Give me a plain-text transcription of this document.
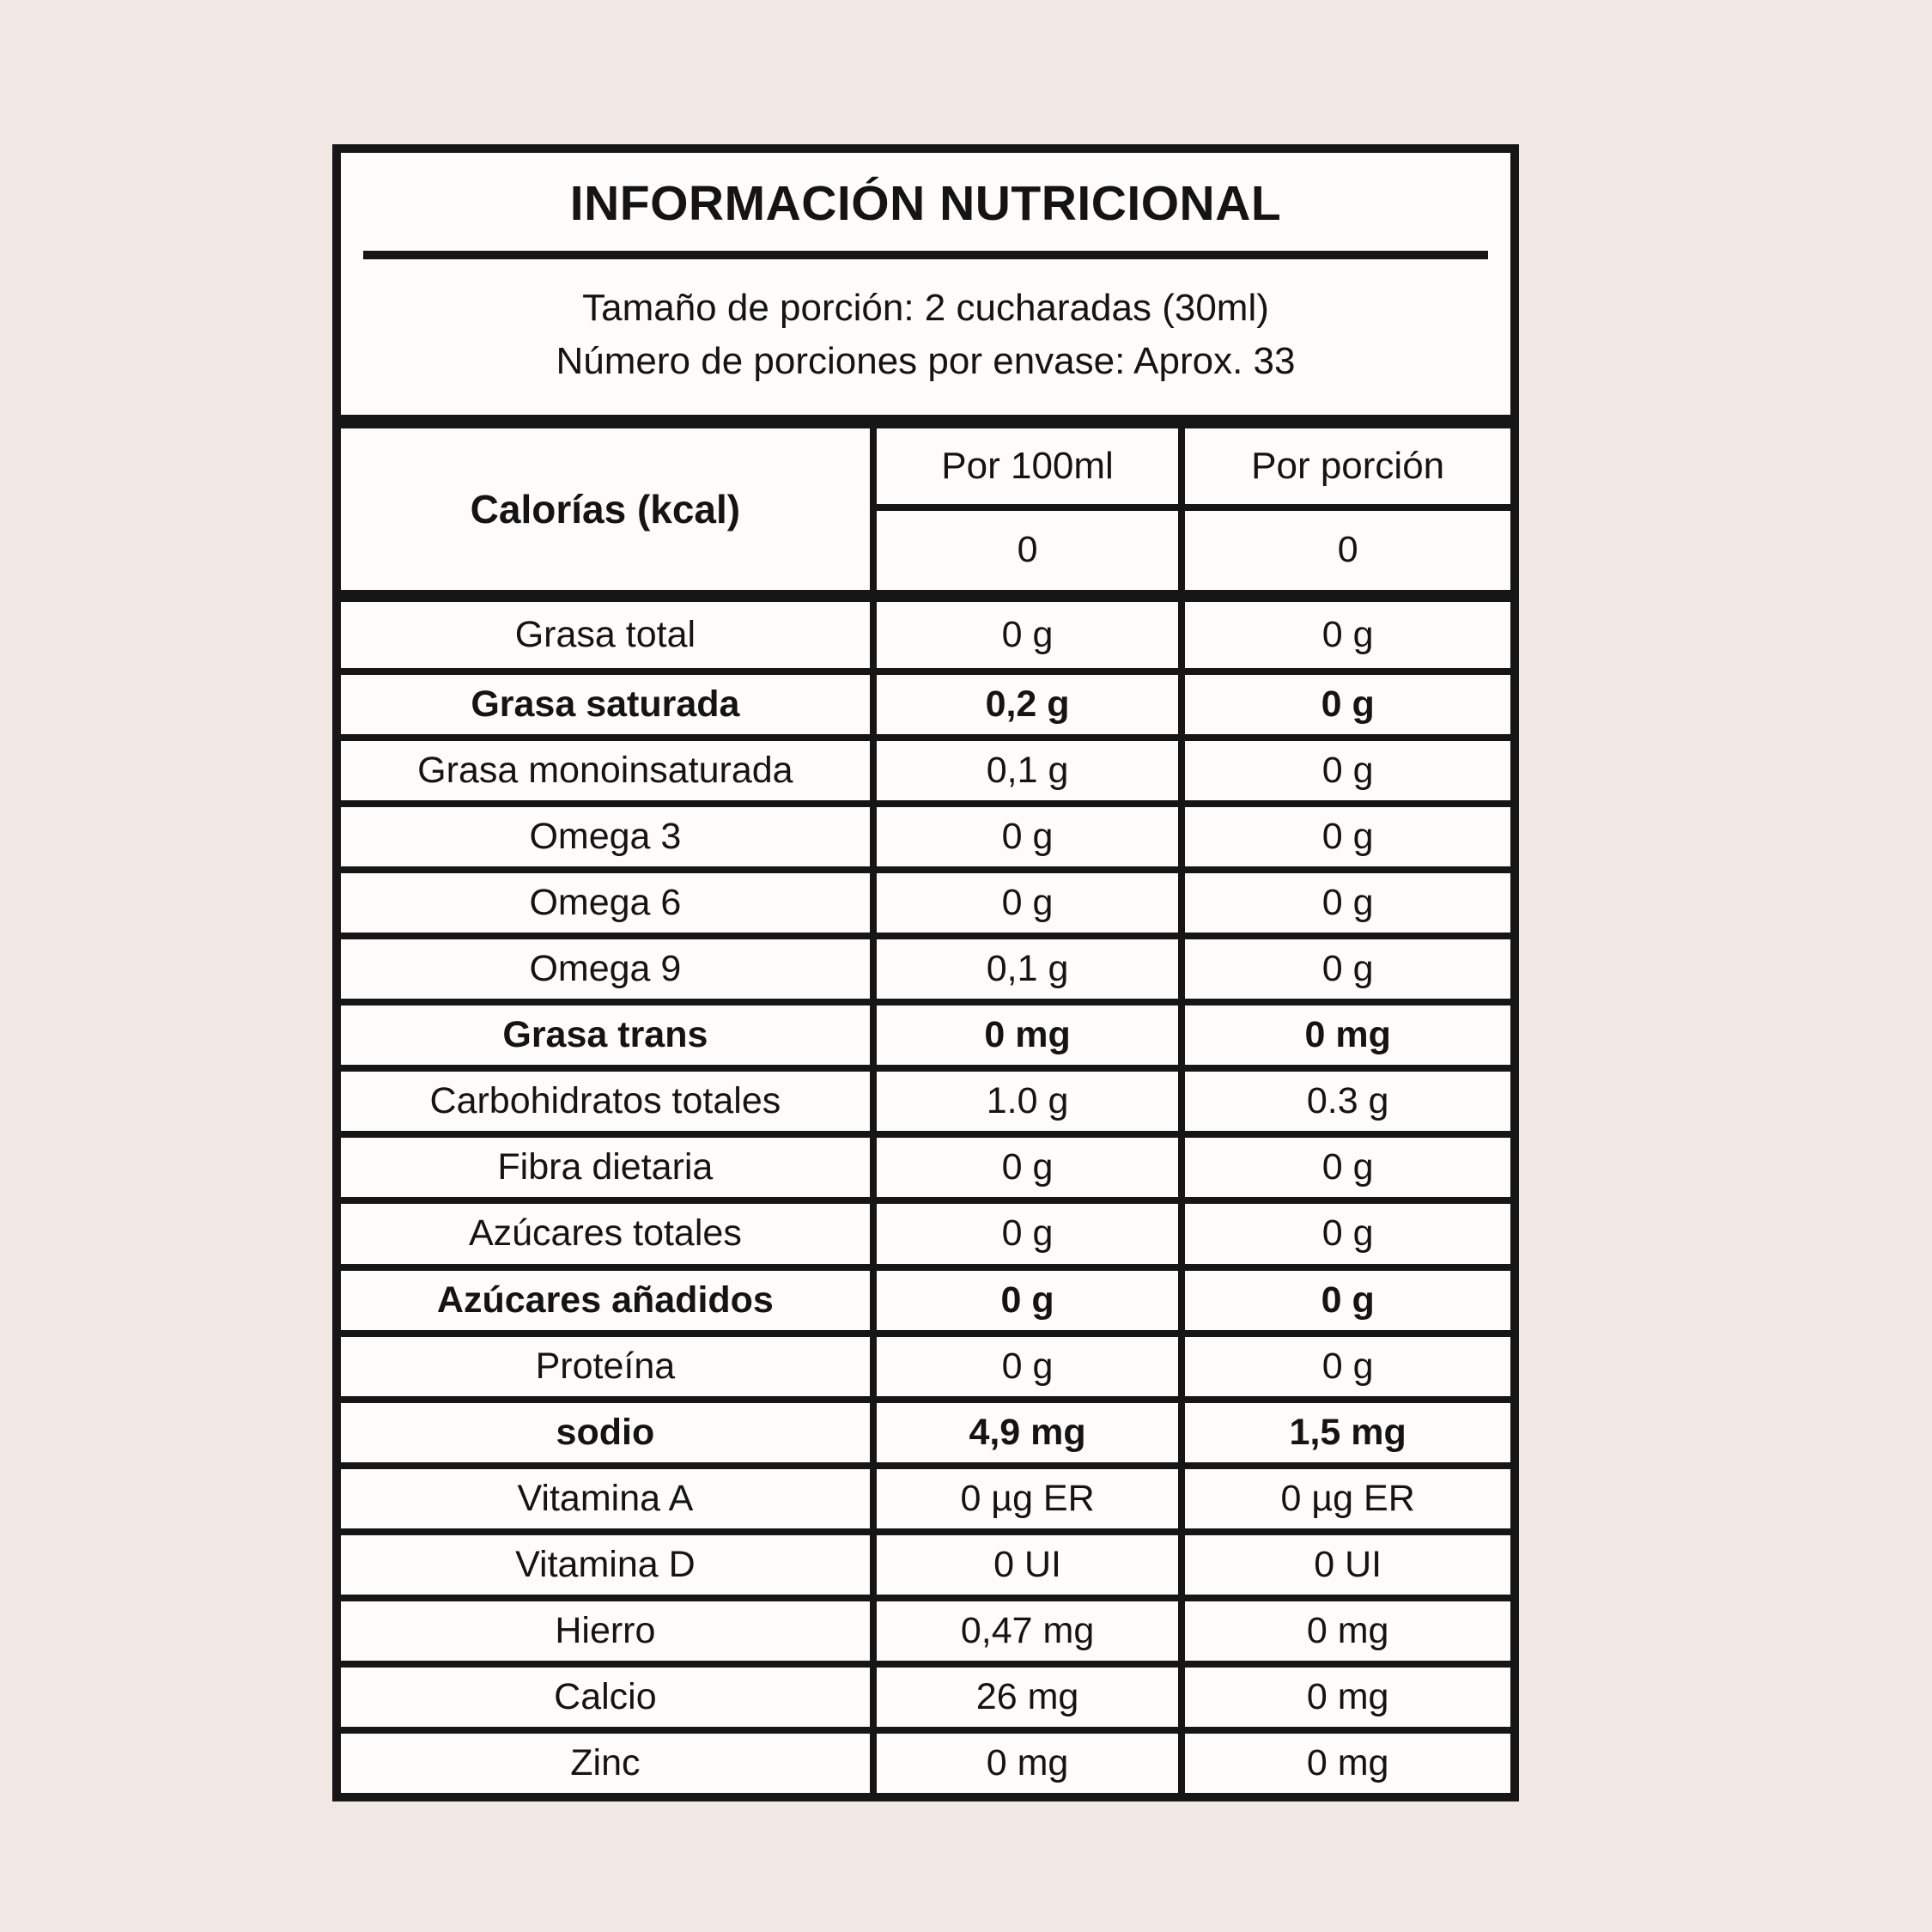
INFORMACIÓN NUTRICIONAL
Tamaño de porción: 2 cucharadas (30ml)
Número de porciones por envase: Aprox. 33
Calorías (kcal)
Por 100ml	Por porción
0	0
Grasa total	0 g	0 g
Grasa saturada	0,2 g	0 g
Grasa monoinsaturada	0,1 g	0 g
Omega 3	0 g	0 g
Omega 6	0 g	0 g
Omega 9	0,1 g	0 g
Grasa trans	0 mg	0 mg
Carbohidratos totales	1.0 g	0.3 g
Fibra dietaria	0 g	0 g
Azúcares totales	0 g	0 g
Azúcares añadidos	0 g	0 g
Proteína	0 g	0 g
sodio	4,9 mg	1,5 mg
Vitamina A	0 µg ER	0 µg ER
Vitamina D	0 UI	0 UI
Hierro	0,47 mg	0 mg
Calcio	26 mg	0 mg
Zinc	0 mg	0 mg
